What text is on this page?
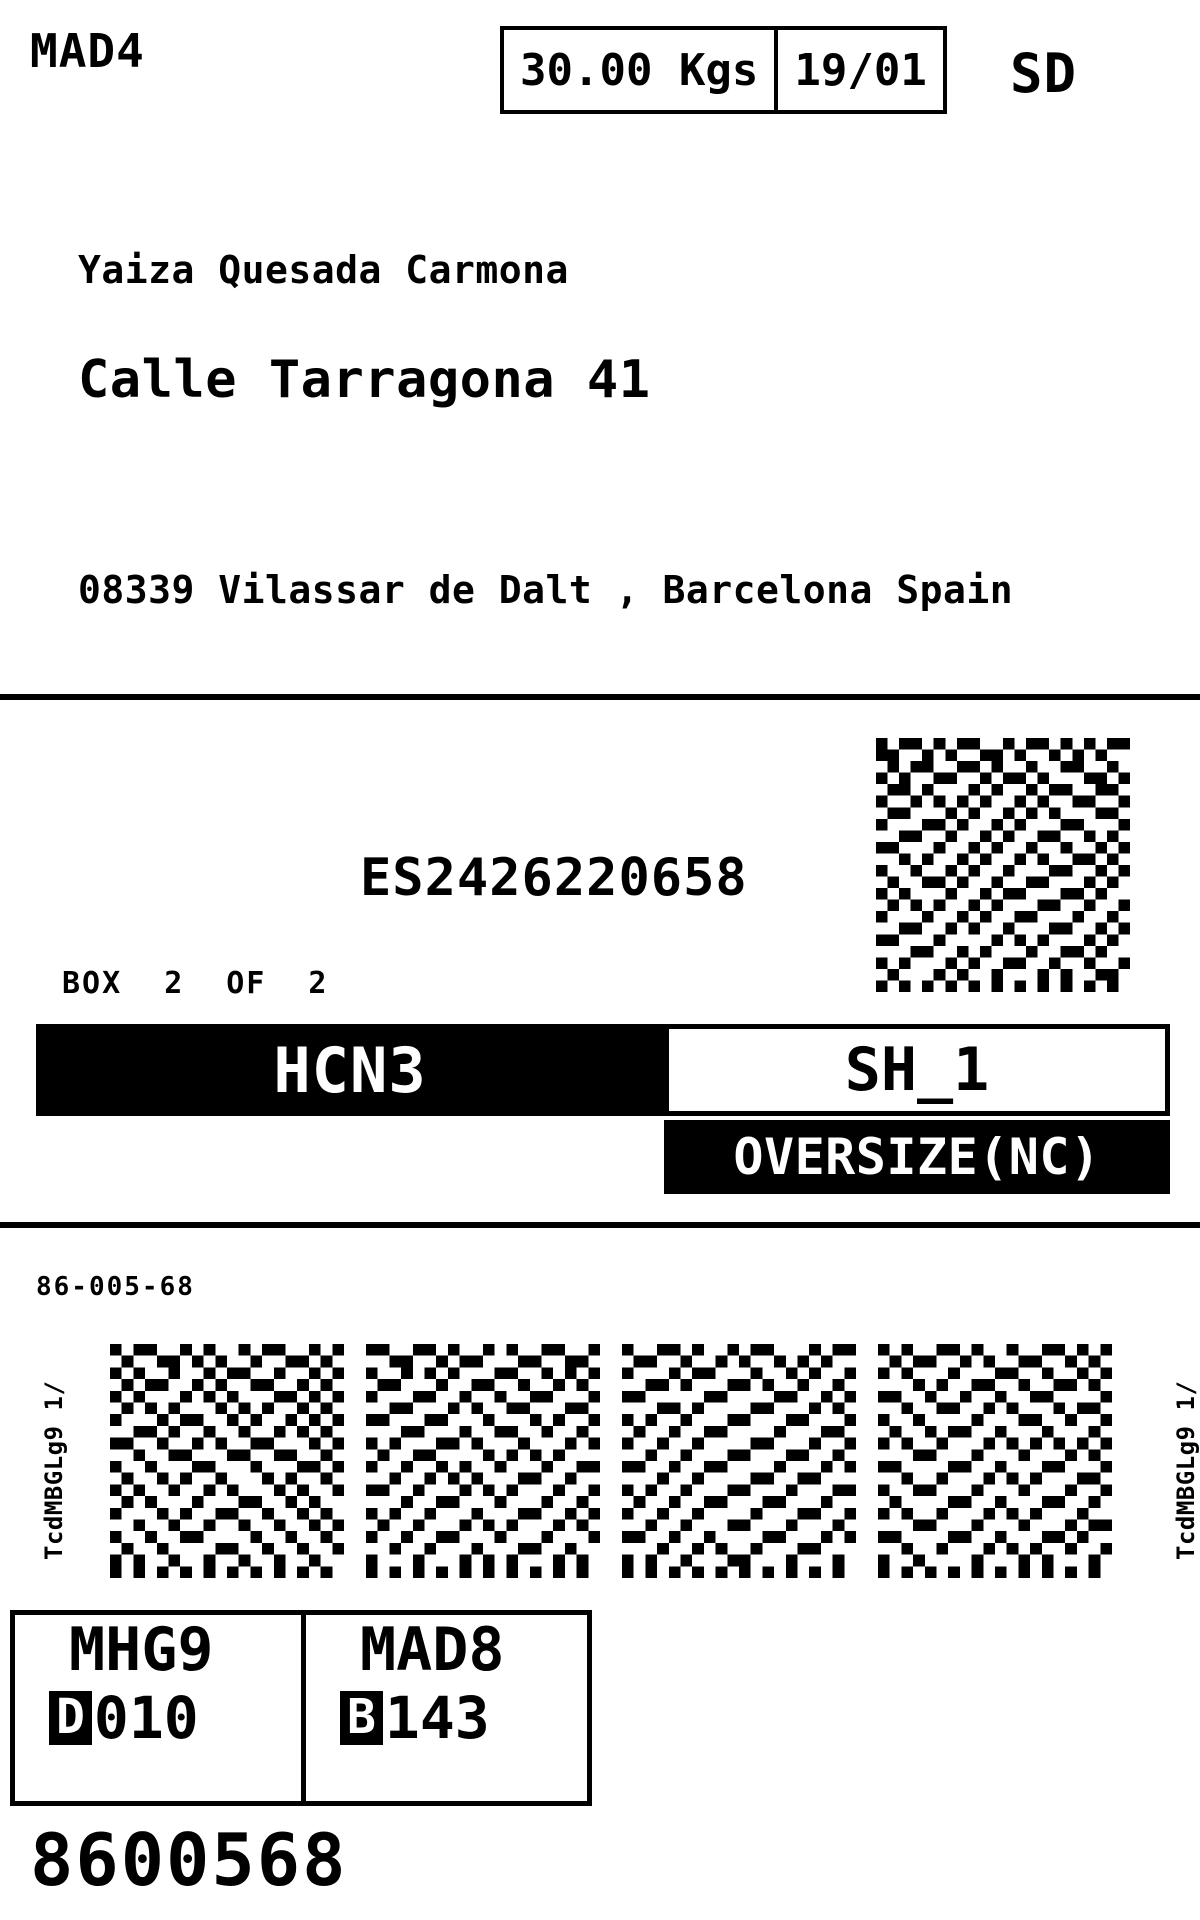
MAD4	30.00 Kgs 19/01 SD
Yaiza Quesada Carmona
Calle Tarragona 41
08339 Vilassar de Dalt , Barcelona Spain
ES2426220658
BOX 2 OF 2
HCN3	SH_1
OVERSIZE(NC)
86-005-68
TcdMBGLg9 1/	TcdMBGLg9 1/
MHG9
D 010
MAD8
B 143
8600568
